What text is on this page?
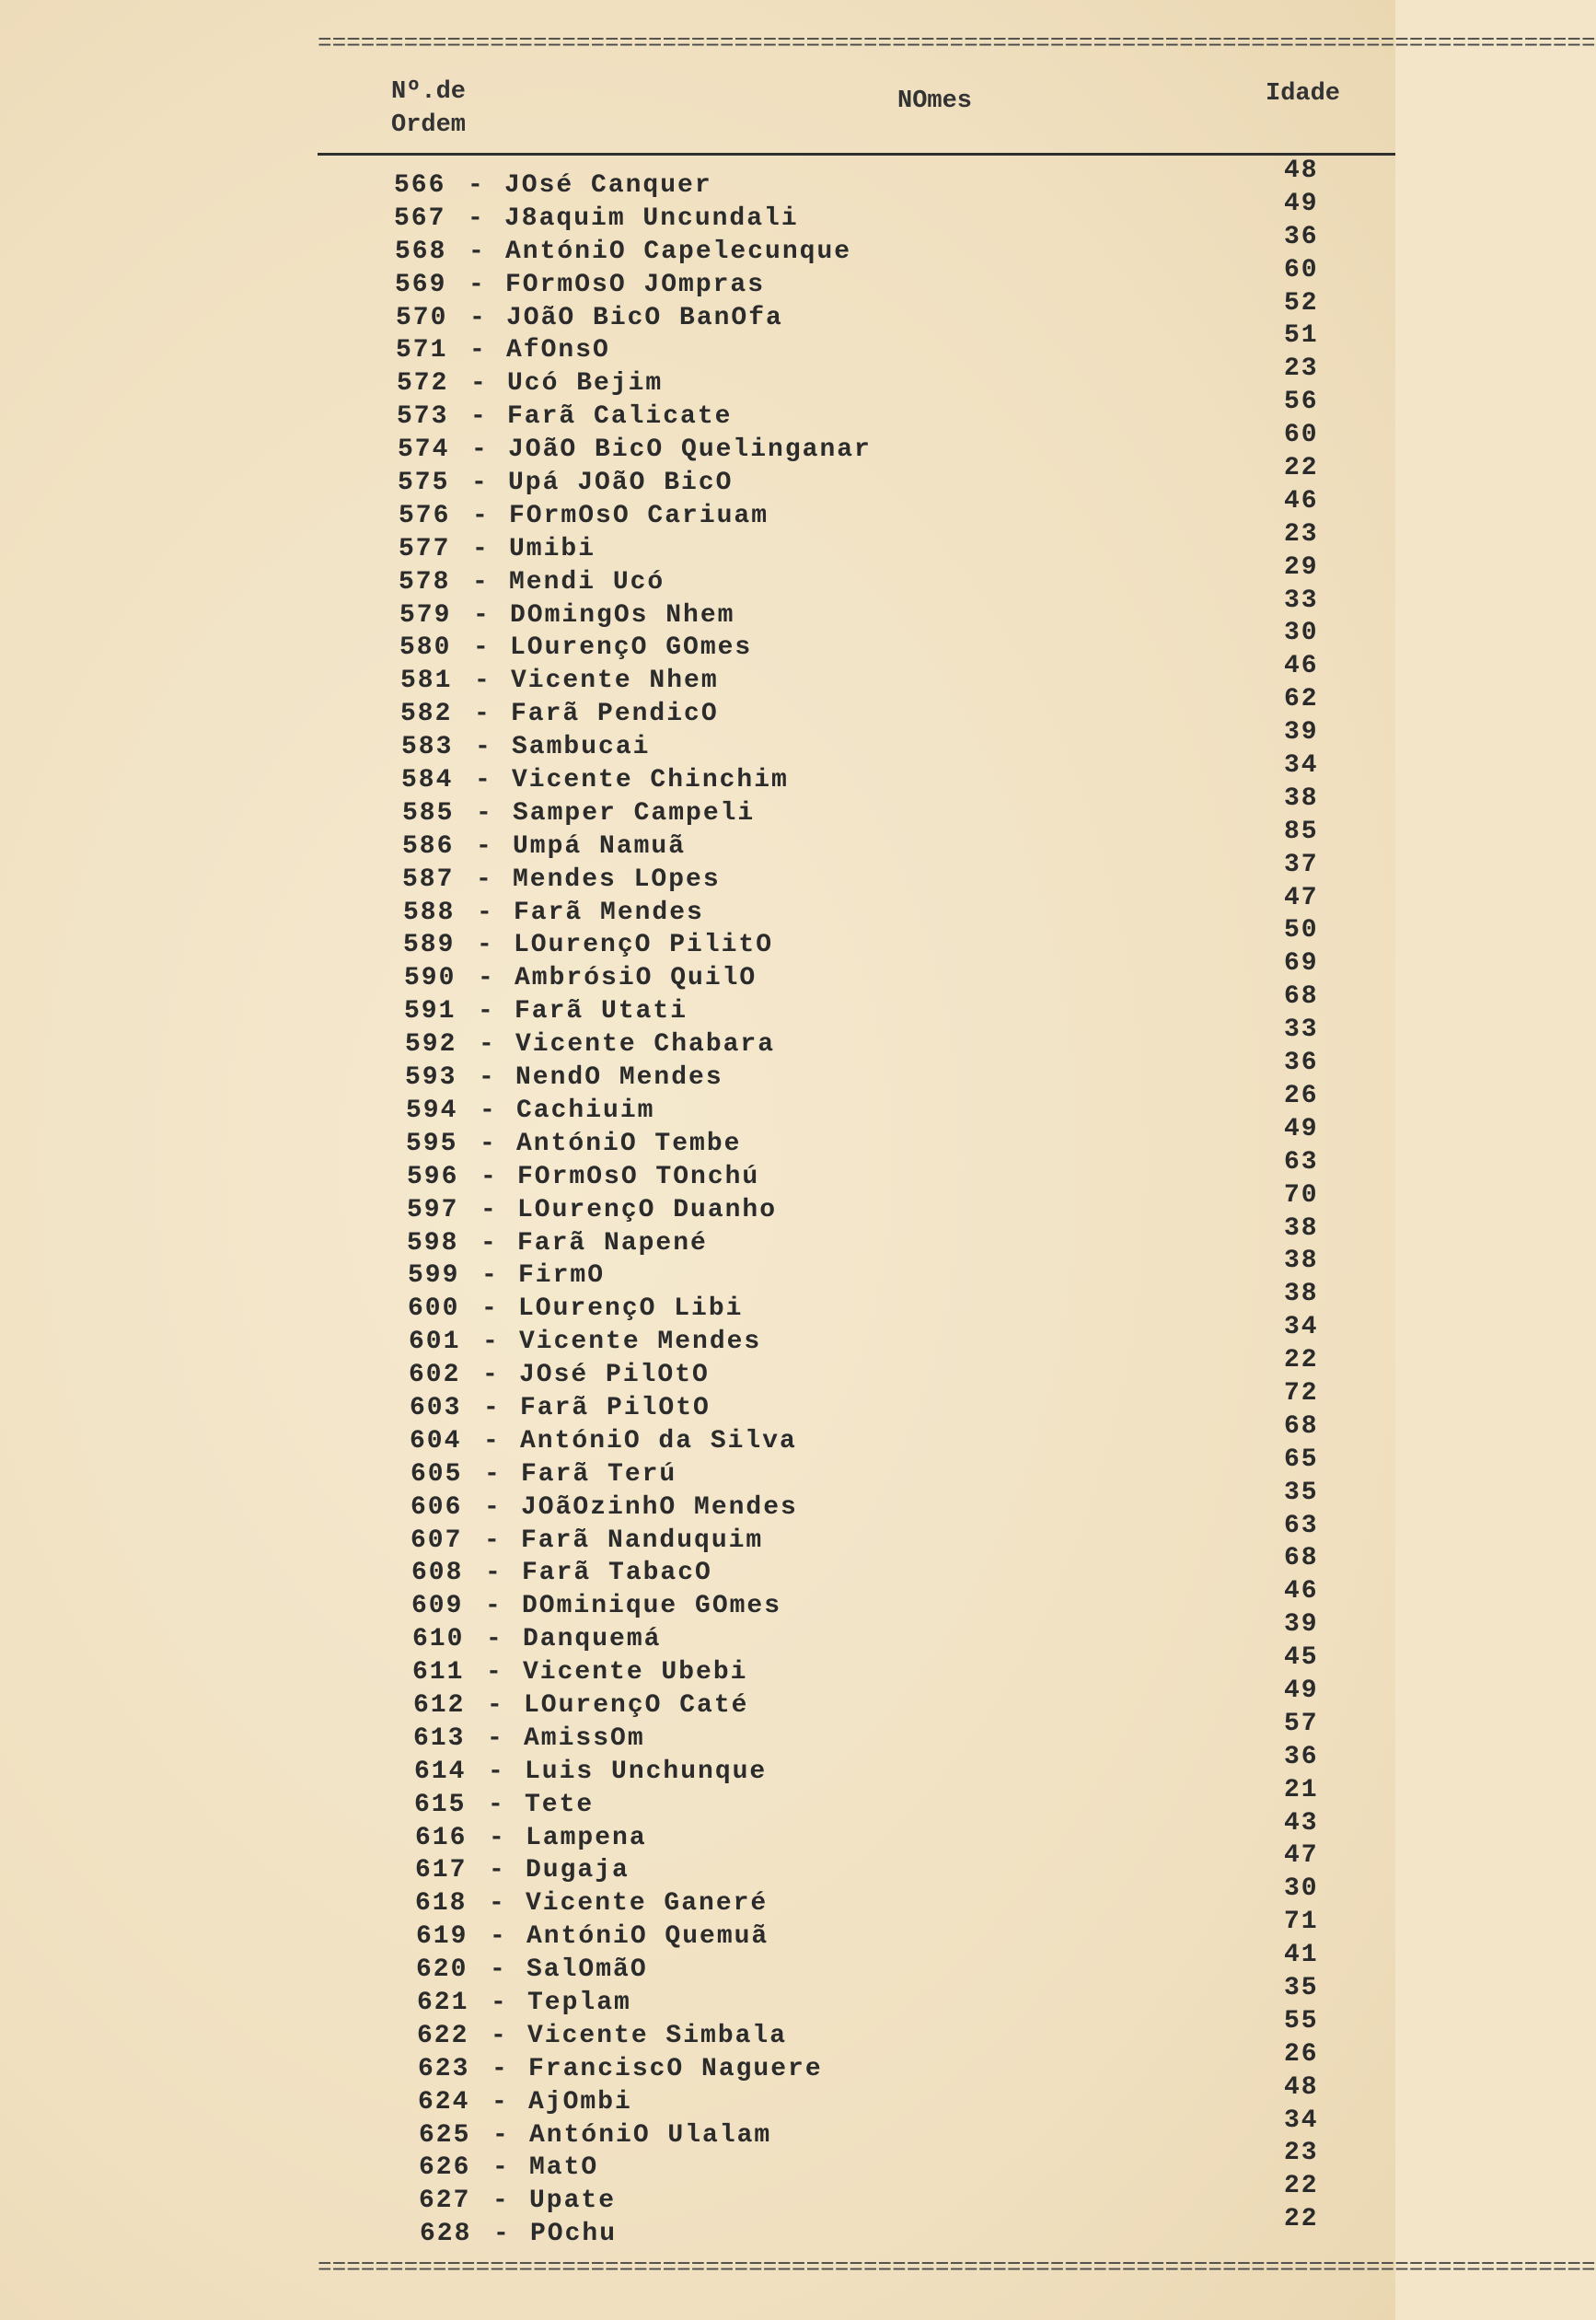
=========================================================================================
Nº.de Ordem
NOmes	Idade
566 - JOsé Canquer
48
567 - J8aquim Uncundali
49
568 - AntóniO Capelecunque
36
569 - FOrmOsO JOmpras
60
570 - JOãO BicO BanOfa
52
571 - AfOnsO
51
572 - Ucó Bejim
23
573 - Farã Calicate
56
574 - JOãO BicO Quelinganar
60
575 - Upá JOãO BicO
22
576 - FOrmOsO Cariuam
46
577 - Umibi
23
578 - Mendi Ucó
29
579 - DOmingOs Nhem
33
580 - LOurençO GOmes
30
581 - Vicente Nhem
46
582 - Farã PendicO
62
583 - Sambucai
39
584 - Vicente Chinchim
34
585 - Samper Campeli
38
586 - Umpá Namuã
85
587 - Mendes LOpes
37
588 - Farã Mendes
47
589 - LOurençO PilitO
50
590 - AmbrósiO QuilO
69
591 - Farã Utati
68
592 - Vicente Chabara
33
593 - NendO Mendes
36
594 - Cachiuim
26
595 - AntóniO Tembe
49
596 - FOrmOsO TOnchú
63
597 - LOurençO Duanho
70
598 - Farã Napené
38
599 - FirmO
38
600 - LOurençO Libi
38
601 - Vicente Mendes
34
602 - JOsé PilOtO
22
603 - Farã PilOtO
72
604 - AntóniO da Silva
68
605 - Farã Terú
65
606 - JOãOzinhO Mendes
35
607 - Farã Nanduquim
63
608 - Farã TabacO
68
609 - DOminique GOmes
46
610 - Danquemá
39
611 - Vicente Ubebi
45
612 - LOurençO Caté
49
613 - AmissOm
57
614 - Luis Unchunque
36
615 - Tete
21
616 - Lampena
43
617 - Dugaja
47
618 - Vicente Ganeré
30
619 - AntóniO Quemuã
71
620 - SalOmãO
41
621 - Teplam
35
622 - Vicente Simbala
55
623 - FranciscO Naguere
26
624 - AjOmbi
48
625 - AntóniO Ulalam
34
626 - MatO
23
627 - Upate
22
628 - POchu
22
=========================================================================================
